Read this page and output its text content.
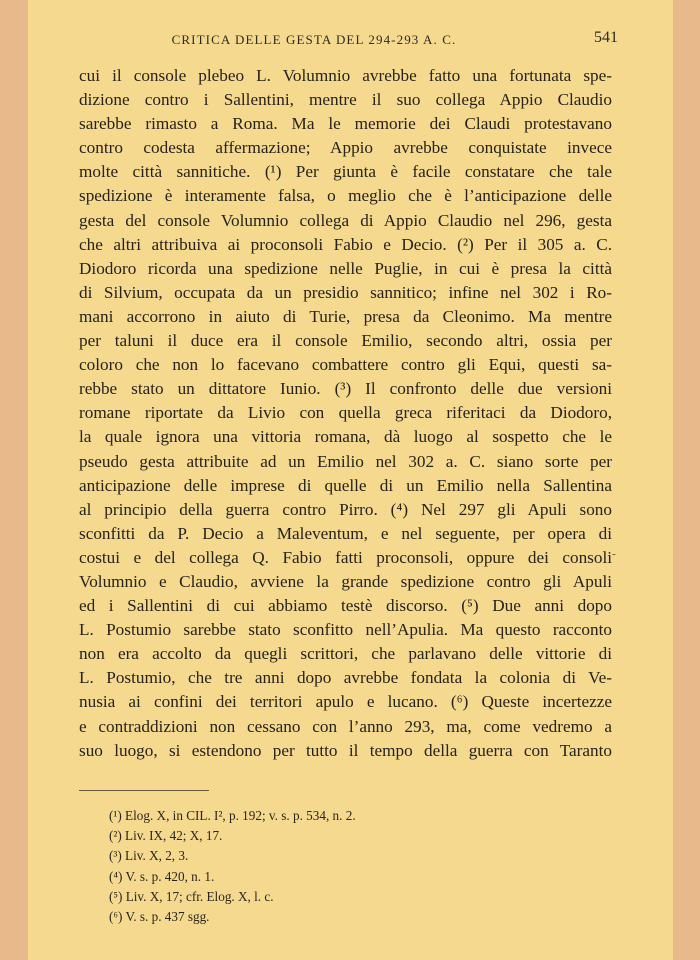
CRITICA DELLE GESTA DEL 294-293 A. C.	541
cui il console plebeo L. Volumnio avrebbe fatto una fortunata spe-
dizione contro i Sallentini, mentre il suo collega Appio Claudio
sarebbe rimasto a Roma. Ma le memorie dei Claudi protestavano
contro codesta affermazione; Appio avrebbe conquistate invece
molte città sannitiche. (¹) Per giunta è facile constatare che tale
spedizione è interamente falsa, o meglio che è l’anticipazione delle
gesta del console Volumnio collega di Appio Claudio nel 296, gesta
che altri attribuiva ai proconsoli Fabio e Decio. (²) Per il 305 a. C.
Diodoro ricorda una spedizione nelle Puglie, in cui è presa la città
di Silvium, occupata da un presidio sannitico; infine nel 302 i Ro-
mani accorrono in aiuto di Turie, presa da Cleonimo. Ma mentre
per taluni il duce era il console Emilio, secondo altri, ossia per
coloro che non lo facevano combattere contro gli Equi, questi sa-
rebbe stato un dittatore Iunio. (³) Il confronto delle due versioni
romane riportate da Livio con quella greca riferitaci da Diodoro,
la quale ignora una vittoria romana, dà luogo al sospetto che le
pseudo gesta attribuite ad un Emilio nel 302 a. C. siano sorte per
anticipazione delle imprese di quelle di un Emilio nella Sallentina
al principio della guerra contro Pirro. (⁴) Nel 297 gli Apuli sono
sconfitti da P. Decio a Maleventum, e nel seguente, per opera di
costui e del collega Q. Fabio fatti proconsoli, oppure dei consoli
Volumnio e Claudio, avviene la grande spedizione contro gli Apuli
ed i Sallentini di cui abbiamo testè discorso. (⁵) Due anni dopo
L. Postumio sarebbe stato sconfitto nell’Apulia. Ma questo racconto
non era accolto da quegli scrittori, che parlavano delle vittorie di
L. Postumio, che tre anni dopo avrebbe fondata la colonia di Ve-
nusia ai confini dei territori apulo e lucano. (⁶) Queste incertezze
e contraddizioni non cessano con l’anno 293, ma, come vedremo a
suo luogo, si estendono per tutto il tempo della guerra con Taranto
˜
(¹) Elog. X, in CIL. I², p. 192; v. s. p. 534, n. 2.
(²) Liv. IX, 42; X, 17.
(³) Liv. X, 2, 3.
(⁴) V. s. p. 420, n. 1.
(⁵) Liv. X, 17; cfr. Elog. X, l. c.
(⁶) V. s. p. 437 sgg.
